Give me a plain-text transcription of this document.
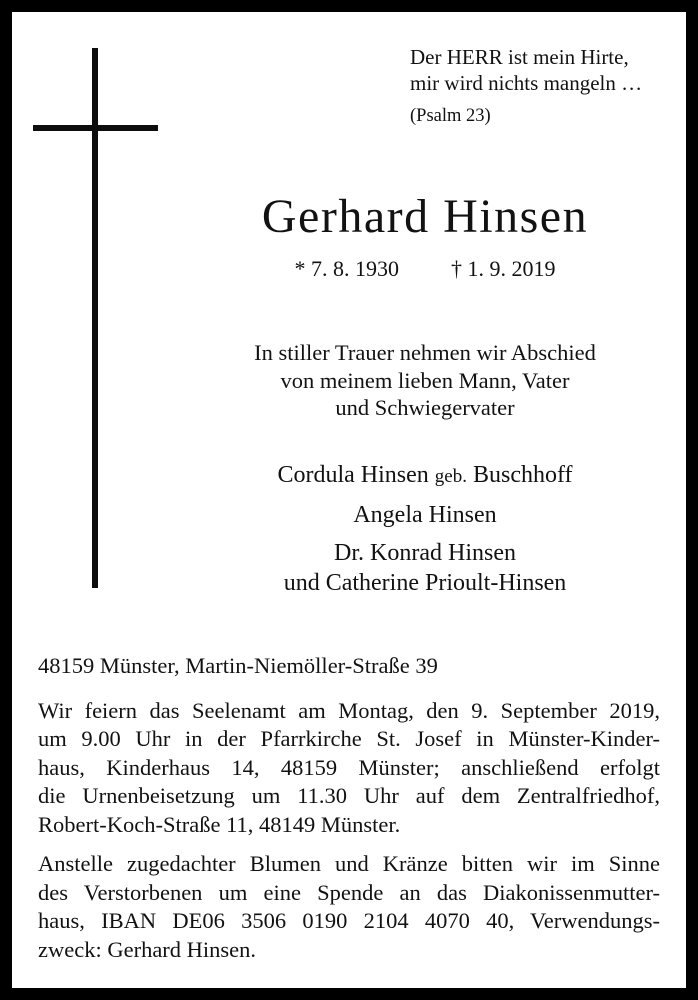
Der HERR ist mein Hirte,
mir wird nichts mangeln …
(Psalm 23)
Gerhard Hinsen
* 7. 8. 1930 † 1. 9. 2019
In stiller Trauer nehmen wir Abschied
von meinem lieben Mann, Vater
und Schwiegervater
Cordula Hinsen geb. Buschhoff
Angela Hinsen
Dr. Konrad Hinsen
und Catherine Prioult-Hinsen
48159 Münster, Martin-Niemöller-Straße 39
Wir feiern das Seelenamt am Montag, den 9. September 2019,
um 9.00 Uhr in der Pfarrkirche St. Josef in Münster-Kinder-
haus, Kinderhaus 14, 48159 Münster; anschließend erfolgt
die Urnenbeisetzung um 11.30 Uhr auf dem Zentralfriedhof,
Robert-Koch-Straße 11, 48149 Münster.
Anstelle zugedachter Blumen und Kränze bitten wir im Sinne
des Verstorbenen um eine Spende an das Diakonissenmutter-
haus, IBAN DE06 3506 0190 2104 4070 40, Verwendungs-
zweck: Gerhard Hinsen.
